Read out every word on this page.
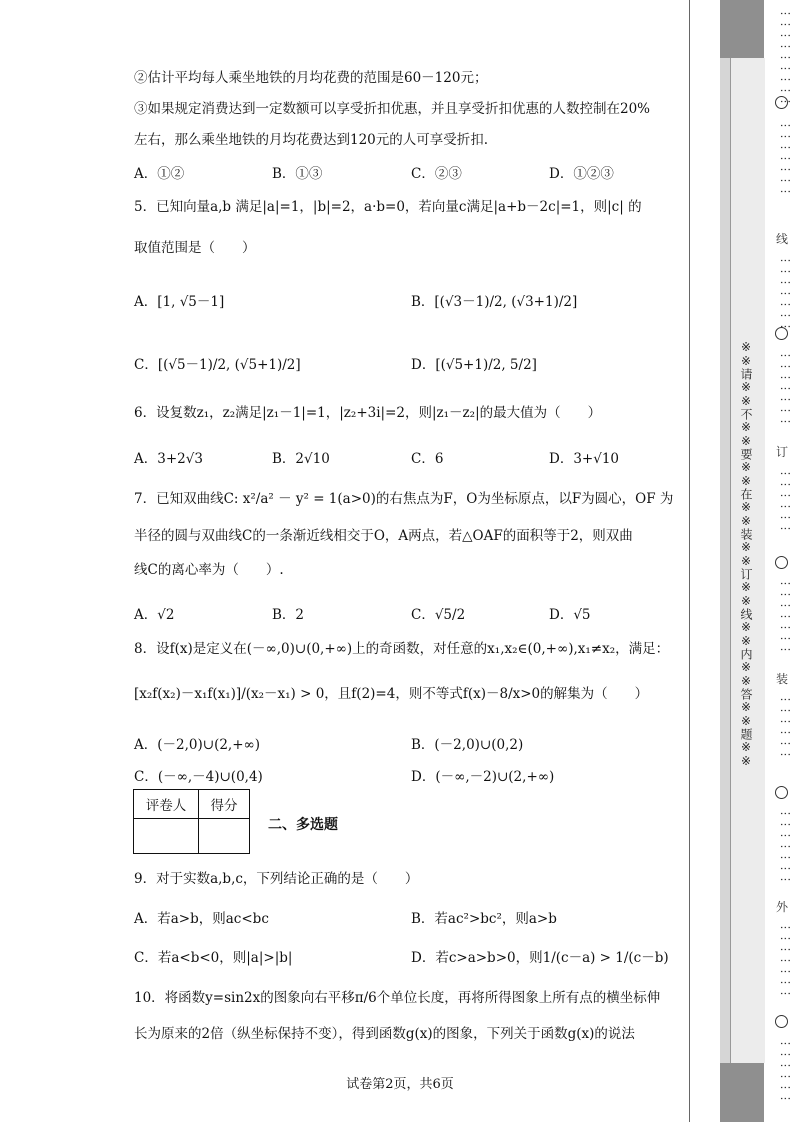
②估计平均每人乘坐地铁的月均花费的范围是60－120元；
③如果规定消费达到一定数额可以享受折扣优惠，并且享受折扣优惠的人数控制在20%
左右，那么乘坐地铁的月均花费达到120元的人可享受折扣.
A．①②	B．①③	C．②③	D．①②③
5．已知向量a,b 满足|a|=1，|b|=2，a·b=0，若向量c满足|a+b－2c|=1，则|c| 的
取值范围是（　　）
A．[1, √5－1]	B．[(√3－1)/2, (√3+1)/2]
C．[(√5－1)/2, (√5+1)/2]	D．[(√5+1)/2, 5/2]
6．设复数z₁，z₂满足|z₁－1|=1，|z₂+3i|=2，则|z₁－z₂|的最大值为（　　）
A．3+2√3	B．2√10	C．6	D．3+√10
7．已知双曲线C: x²/a² － y² = 1(a>0)的右焦点为F，O为坐标原点，以F为圆心，OF 为
半径的圆与双曲线C的一条渐近线相交于O，A两点，若△OAF的面积等于2，则双曲
线C的离心率为（　　）.
A．√2	B．2	C．√5/2	D．√5
8．设f(x)是定义在(－∞,0)∪(0,+∞)上的奇函数，对任意的x₁,x₂∈(0,+∞),x₁≠x₂，满足：
[x₂f(x₂)－x₁f(x₁)]/(x₂－x₁) > 0，且f(2)=4，则不等式f(x)－8/x>0的解集为（　　）
A．(－2,0)∪(2,+∞)	B．(－2,0)∪(0,2)
C．(－∞,－4)∪(0,4)	D．(－∞,－2)∪(2,+∞)
评卷人	得分

二、多选题
9．对于实数a,b,c，下列结论正确的是（　　）
A．若a>b，则ac<bc	B．若ac²>bc²，则a>b
C．若a<b<0，则|a|>|b|	D．若c>a>b>0，则1/(c－a) > 1/(c－b)
10．将函数y=sin2x的图象向右平移π/6个单位长度，再将所得图象上所有点的横坐标伸
长为原来的2倍（纵坐标保持不变），得到函数g(x)的图象，下列关于函数g(x)的说法
试卷第2页，共6页
※※请※※不※※要※※在※※装※※订※※线※※内※※答※※题※※
⋮⋮⋮⋮⋮⋮⋮⋮⋮
⋮⋮⋮⋮⋮⋮⋮
线
⋮⋮⋮⋮⋮⋮⋮
⋮⋮⋮⋮⋮⋮⋮
订
⋮⋮⋮⋮⋮⋮
⋮⋮⋮⋮⋮⋮⋮
装
⋮⋮⋮⋮⋮⋮
⋮⋮⋮⋮⋮⋮⋮
外
⋮⋮⋮⋮⋮⋮⋮
⋮⋮⋮⋮⋮⋮
